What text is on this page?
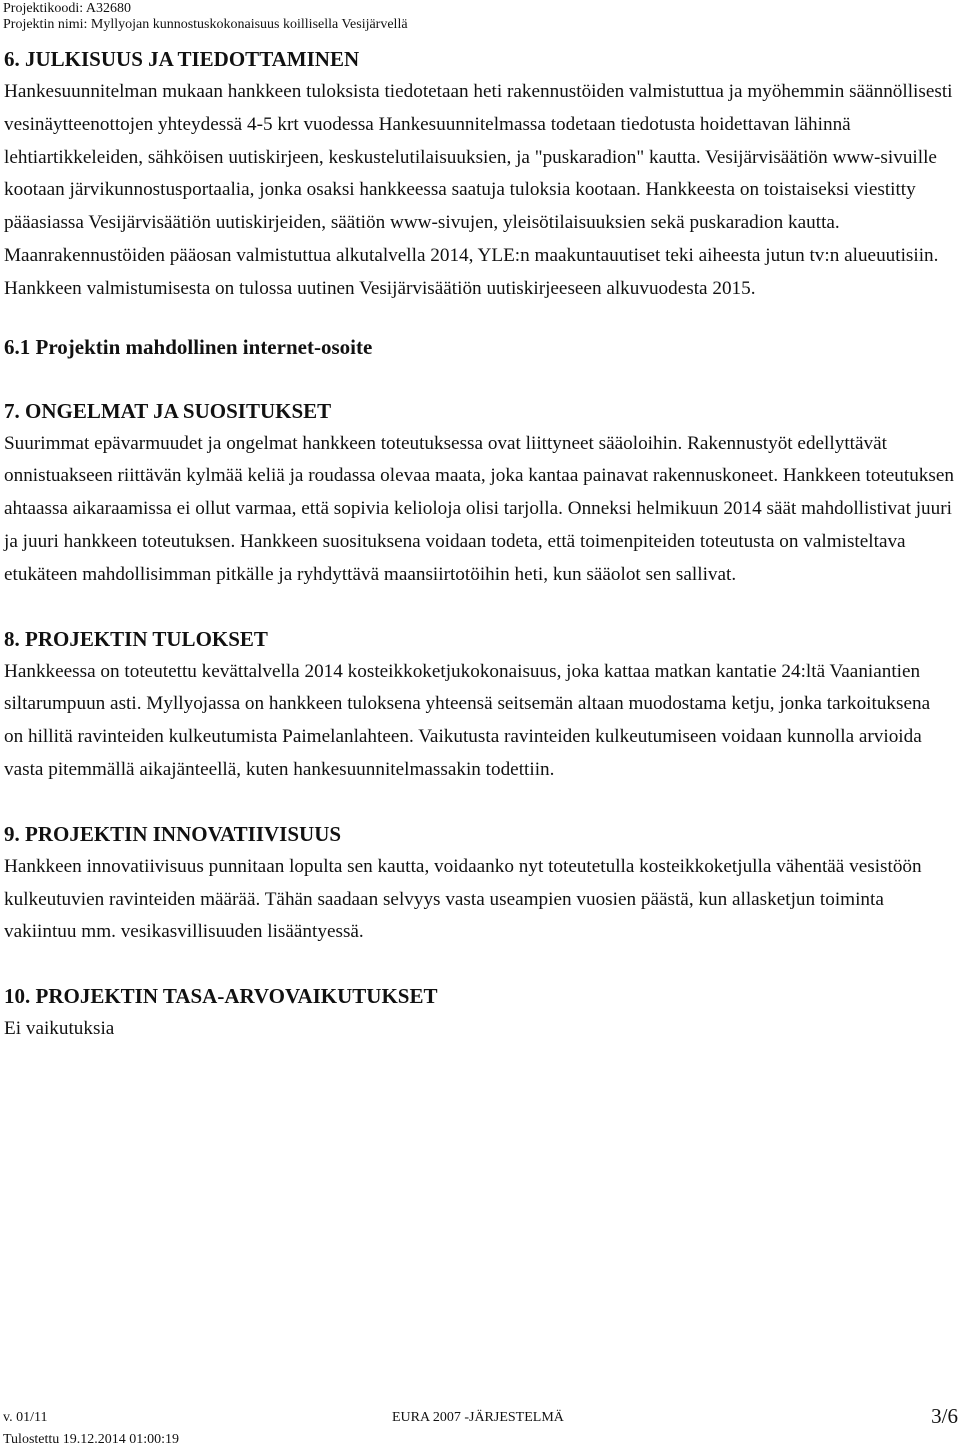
Projektikoodi: A32680
Projektin nimi: Myllyojan kunnostuskokonaisuus koillisella Vesijärvellä
6. JULKISUUS JA TIEDOTTAMINEN

Hankesuunnitelman mukaan hankkeen tuloksista tiedotetaan heti rakennustöiden valmistuttua ja myöhemmin säännöllisesti vesinäytteenottojen yhteydessä 4-5 krt vuodessa Hankesuunnitelmassa todetaan tiedotusta hoidettavan lähinnä lehtiartikkeleiden, sähköisen uutiskirjeen, keskustelutilaisuuksien, ja "puskaradion" kautta. Vesijärvisäätiön www-sivuille kootaan järvikunnostusportaalia, jonka osaksi hankkeessa saatuja tuloksia kootaan. Hankkeesta on toistaiseksi viestitty pääasiassa Vesijärvisäätiön uutiskirjeiden, säätiön www-sivujen, yleisötilaisuuksien sekä puskaradion kautta. Maanrakennustöiden pääosan valmistuttua alkutalvella 2014, YLE:n maakuntauutiset teki aiheesta jutun tv:n alueuutisiin. Hankkeen valmistumisesta on tulossa uutinen Vesijärvisäätiön uutiskirjeeseen alkuvuodesta 2015.

6.1 Projektin mahdollinen internet-osoite
7. ONGELMAT JA SUOSITUKSET

Suurimmat epävarmuudet ja ongelmat hankkeen toteutuksessa ovat liittyneet sääoloihin. Rakennustyöt edellyttävät onnistuakseen riittävän kylmää keliä ja roudassa olevaa maata, joka kantaa painavat rakennuskoneet. Hankkeen toteutuksen ahtaassa aikaraamissa ei ollut varmaa, että sopivia kelioloja olisi tarjolla. Onneksi helmikuun 2014 säät mahdollistivat juuri ja juuri hankkeen toteutuksen. Hankkeen suosituksena voidaan todeta, että toimenpiteiden toteutusta on valmisteltava etukäteen mahdollisimman pitkälle ja ryhdyttävä maansiirtotöihin heti, kun sääolot sen sallivat.

8. PROJEKTIN TULOKSET

Hankkeessa on toteutettu kevättalvella 2014 kosteikkoketjukokonaisuus, joka kattaa matkan kantatie 24:ltä Vaaniantien siltarumpuun asti. Myllyojassa on hankkeen tuloksena yhteensä seitsemän altaan muodostama ketju, jonka tarkoituksena on hillitä ravinteiden kulkeutumista Paimelanlahteen. Vaikutusta ravinteiden kulkeutumiseen voidaan kunnolla arvioida vasta pitemmällä aikajänteellä, kuten hankesuunnitelmassakin todettiin.

9. PROJEKTIN INNOVATIIVISUUS

Hankkeen innovatiivisuus punnitaan lopulta sen kautta, voidaanko nyt toteutetulla kosteikkoketjulla vähentää vesistöön kulkeutuvien ravinteiden määrää. Tähän saadaan selvyys vasta useampien vuosien päästä, kun allasketjun toiminta vakiintuu mm. vesikasvillisuuden lisääntyessä.

10. PROJEKTIN TASA-ARVOVAIKUTUKSET

Ei vaikutuksia

v. 01/11	EURA 2007 -JÄRJESTELMÄ	3/6
Tulostettu 19.12.2014 01:00:19
